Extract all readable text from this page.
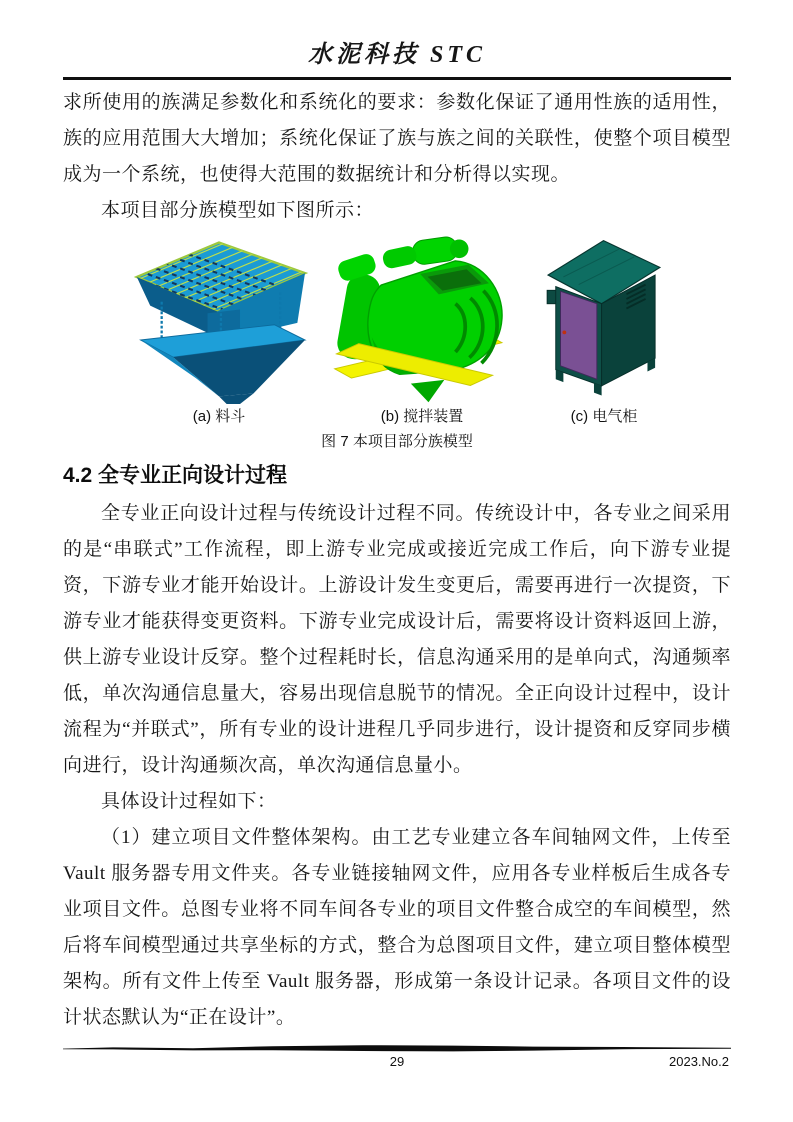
水泥科技 STC

求所使用的族满足参数化和系统化的要求：参数化保证了通用性族的适用性，族的应用范围大大增加；系统化保证了族与族之间的关联性，使整个项目模型成为一个系统，也使得大范围的数据统计和分析得以实现。

本项目部分族模型如下图所示：

(a) 料斗	(b) 搅拌装置	(c) 电气柜
图 7 本项目部分族模型
4.2 全专业正向设计过程

全专业正向设计过程与传统设计过程不同。传统设计中，各专业之间采用的是“串联式”工作流程，即上游专业完成或接近完成工作后，向下游专业提资，下游专业才能开始设计。上游设计发生变更后，需要再进行一次提资，下游专业才能获得变更资料。下游专业完成设计后，需要将设计资料返回上游，供上游专业设计反穿。整个过程耗时长，信息沟通采用的是单向式，沟通频率低，单次沟通信息量大，容易出现信息脱节的情况。全正向设计过程中，设计流程为“并联式”，所有专业的设计进程几乎同步进行，设计提资和反穿同步横向进行，设计沟通频次高，单次沟通信息量小。

具体设计过程如下：

（1）建立项目文件整体架构。由工艺专业建立各车间轴网文件，上传至 Vault 服务器专用文件夹。各专业链接轴网文件，应用各专业样板后生成各专业项目文件。总图专业将不同车间各专业的项目文件整合成空的车间模型，然后将车间模型通过共享坐标的方式，整合为总图项目文件，建立项目整体模型架构。所有文件上传至 Vault 服务器，形成第一条设计记录。各项目文件的设计状态默认为“正在设计”。

29	2023.No.2
